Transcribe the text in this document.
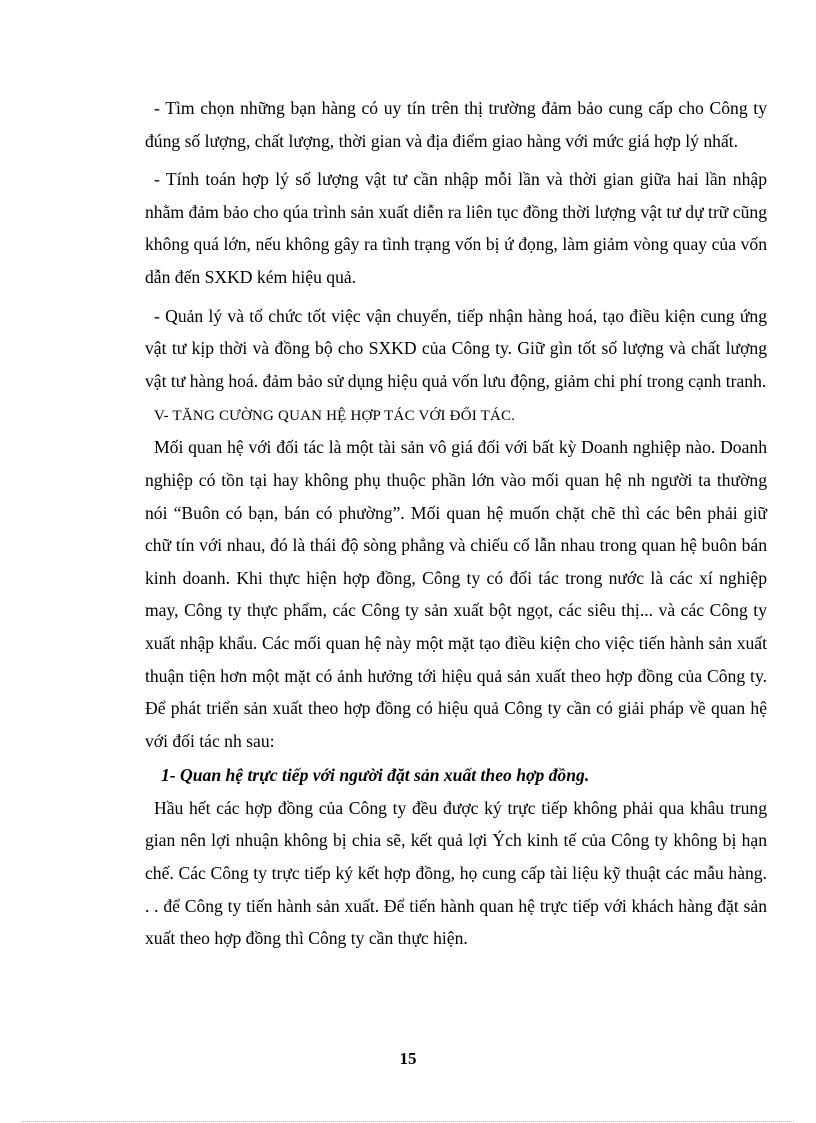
- Tìm chọn những bạn hàng có uy tín trên thị trường đảm bảo cung cấp cho Công ty đúng số lượng, chất lượng, thời gian và địa điểm giao hàng với mức giá hợp lý nhất.

- Tính toán hợp lý số lượng vật tư cần nhập mỗi lần và thời gian giữa hai lần nhập nhằm đảm bảo cho qúa trình sản xuất diễn ra liên tục đồng thời lượng vật tư dự trữ cũng không quá lớn, nếu không gây ra tình trạng vốn bị ứ đọng, làm giảm vòng quay của vốn dẫn đến SXKD kém hiệu quả.

- Quản lý và tổ chức tốt việc vận chuyển, tiếp nhận hàng hoá, tạo điều kiện cung ứng vật tư kịp thời và đồng bộ cho SXKD của Công ty. Giữ gìn tốt số lượng và chất lượng vật tư hàng hoá. đảm bảo sử dụng hiệu quả vốn lưu động, giảm chi phí trong cạnh tranh.

V- TĂNG CƯỜNG QUAN HỆ HỢP TÁC VỚI ĐỐI TÁC.

Mối quan hệ với đối tác là một tài sản vô giá đối với bất kỳ Doanh nghiệp nào. Doanh nghiệp có tồn tại hay không phụ thuộc phần lớn vào mối quan hệ nh người ta thường nói “Buôn có bạn, bán có phường”. Mối quan hệ muốn chặt chẽ thì các bên phải giữ chữ tín với nhau, đó là thái độ sòng phẳng và chiếu cố lẫn nhau trong quan hệ buôn bán kinh doanh. Khi thực hiện hợp đồng, Công ty có đối tác trong nước là các xí nghiệp may, Công ty thực phẩm, các Công ty sản xuất bột ngọt, các siêu thị... và các Công ty xuất nhập khẩu. Các mối quan hệ này một mặt tạo điều kiện cho việc tiến hành sản xuất thuận tiện hơn một mặt có ảnh hưởng tới hiệu quả sản xuất theo hợp đồng của Công ty. Để phát triển sản xuất theo hợp đồng có hiệu quả Công ty cần có giải pháp về quan hệ với đối tác nh sau:

1- Quan hệ trực tiếp với người đặt sản xuất theo hợp đồng.

Hầu hết các hợp đồng của Công ty đều được ký trực tiếp không phải qua khâu trung gian nên lợi nhuận không bị chia sẽ, kết quả lợi Ých kinh tế của Công ty không bị hạn chế. Các Công ty trực tiếp ký kết hợp đồng, họ cung cấp tài liệu kỹ thuật các mẫu hàng. . . để Công ty tiến hành sản xuất. Để tiến hành quan hệ trực tiếp với khách hàng đặt sản xuất theo hợp đồng thì Công ty cần thực hiện.

15
